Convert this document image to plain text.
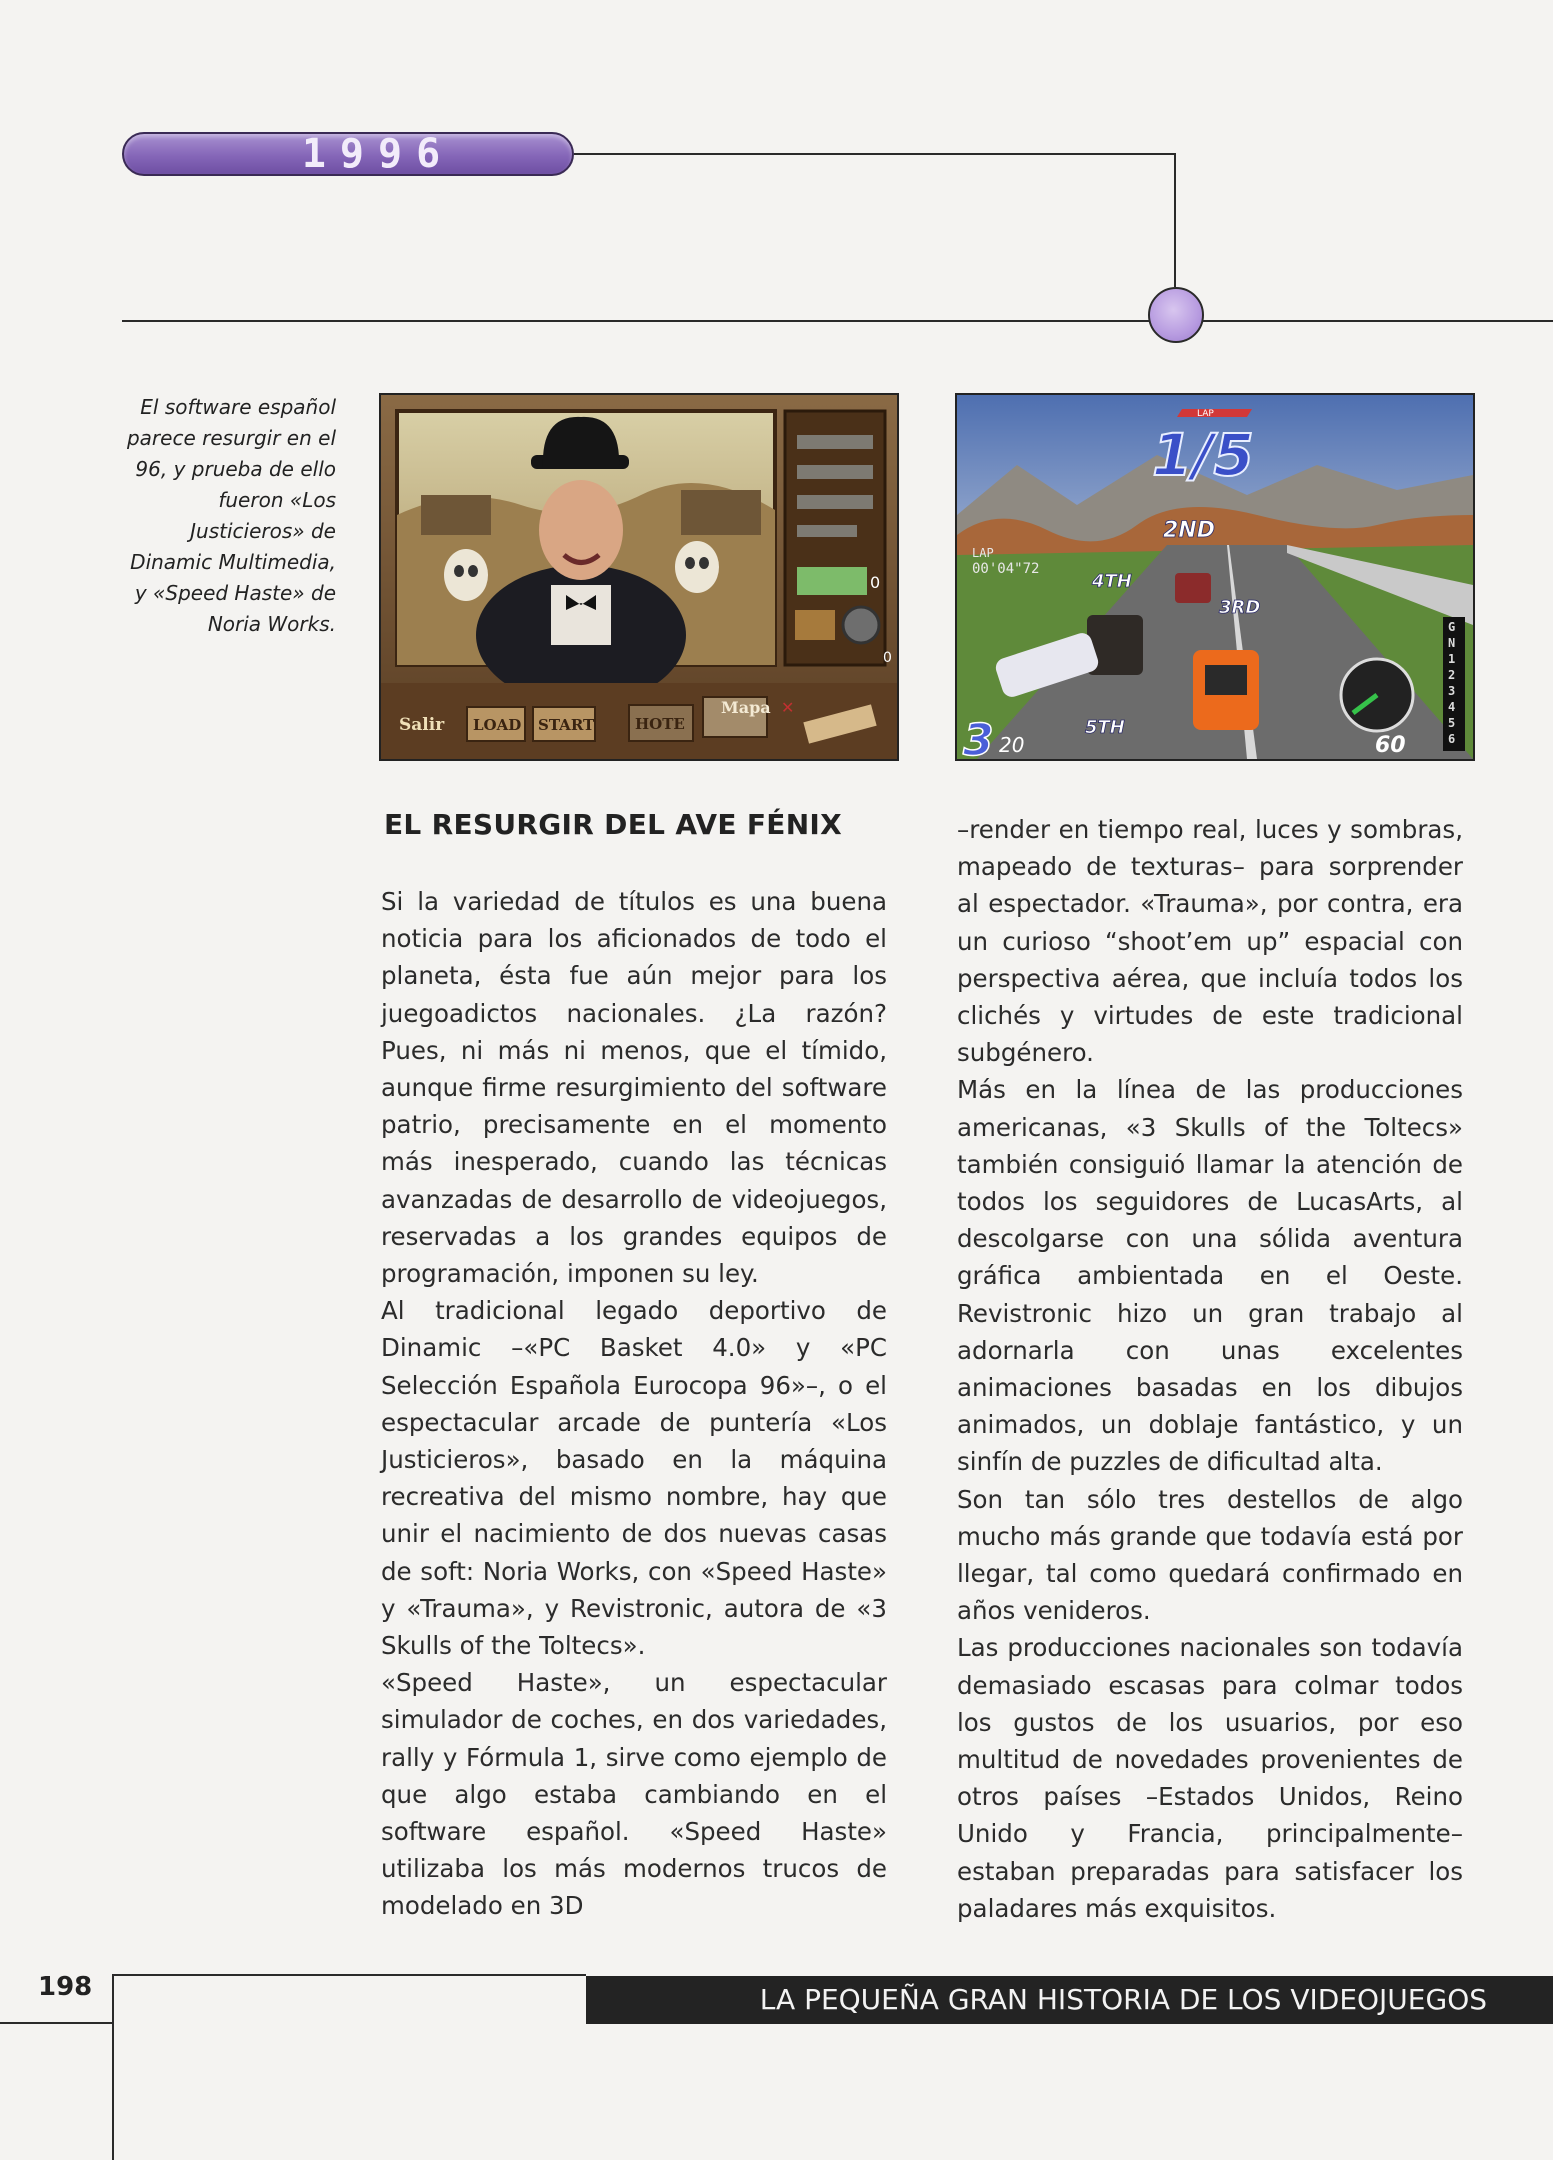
1996
El software español parece resurgir en el 96, y prueba de ello fueron «Los Justicieros» de Dinamic Multimedia, y «Speed Haste» de Noria Works.
0
0
Salir LOAD START	HOTE
Mapa ✕
LAP
1/5
LAP
00'04"72
2ND
4TH
3RD
5TH
3 20	60
G
N
1
2
3
4
5
6
EL RESURGIR DEL AVE FÉNIX

Si la variedad de títulos es una buena noticia para los aficionados de todo el planeta, ésta fue aún mejor para los juegoadictos nacionales. ¿La razón? Pues, ni más ni menos, que el tímido, aunque firme resurgimiento del software patrio, precisamente en el momento más inesperado, cuando las técnicas avanzadas de desarrollo de videojuegos, reservadas a los grandes equipos de programación, imponen su ley.

Al tradicional legado deportivo de Dinamic –«PC Basket 4.0» y «PC Selección Española Eurocopa 96»–, o el espectacular arcade de puntería «Los Justicieros», basado en la máquina recreativa del mismo nombre, hay que unir el nacimiento de dos nuevas casas de soft: Noria Works, con «Speed Haste» y «Trauma», y Revistronic, autora de «3 Skulls of the Toltecs».

«Speed Haste», un espectacular simulador de coches, en dos variedades, rally y Fórmula 1, sirve como ejemplo de que algo estaba cambiando en el software español. «Speed Haste» utilizaba los más modernos trucos de modelado en 3D

–render en tiempo real, luces y sombras, mapeado de texturas– para sorprender al espectador. «Trauma», por contra, era un curioso “shoot’em up” espacial con perspectiva aérea, que incluía todos los clichés y virtudes de este tradicional subgénero.

Más en la línea de las producciones americanas, «3 Skulls of the Toltecs» también consiguió llamar la atención de todos los seguidores de LucasArts, al descolgarse con una sólida aventura gráfica ambientada en el Oeste. Revistronic hizo un gran trabajo al adornarla con unas excelentes animaciones basadas en los dibujos animados, un doblaje fantástico, y un sinfín de puzzles de dificultad alta.

Son tan sólo tres destellos de algo mucho más grande que todavía está por llegar, tal como quedará confirmado en años venideros.

Las producciones nacionales son todavía demasiado escasas para colmar todos los gustos de los usuarios, por eso multitud de novedades provenientes de otros países –Estados Unidos, Reino Unido y Francia, principalmente– estaban preparadas para satisfacer los paladares más exquisitos.

198	LA PEQUEÑA GRAN HISTORIA DE LOS VIDEOJUEGOS
